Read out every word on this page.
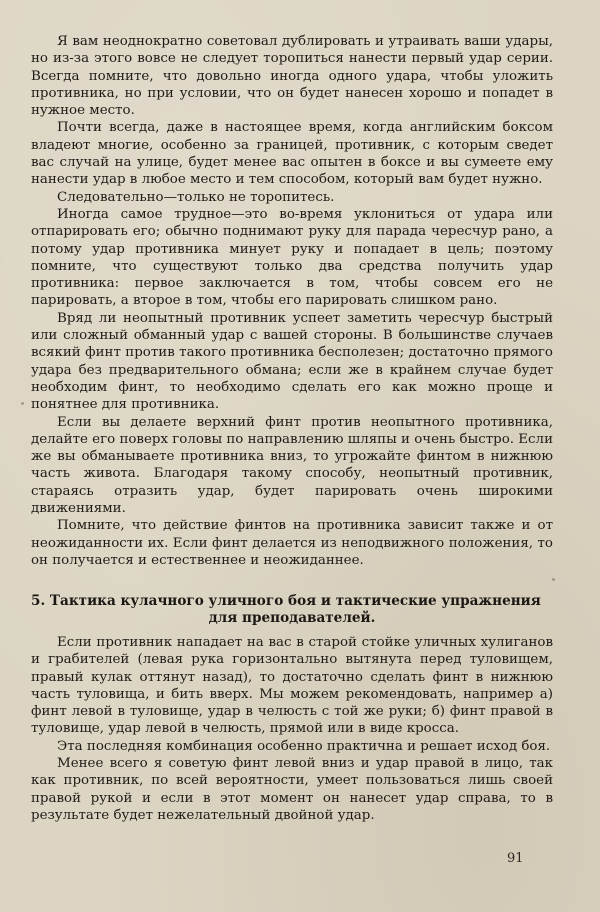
Я вам неоднократно советовал дублировать и утраивать ваши удары, но из-за этого вовсе не следует торопиться нанести первый удар серии. Всегда помните, что довольно иногда одного удара, чтобы уложить противника, но при условии, что он будет нанесен хорошо и попадет в нужное место.

Почти всегда, даже в настоящее время, когда английским боксом владеют многие, особенно за границей, противник, с которым сведет вас случай на улице, будет менее вас опытен в боксе и вы сумеете ему нанести удар в любое место и тем способом, который вам будет нужно.

Следовательно—только не торопитесь.

Иногда самое трудное—это во-время уклониться от удара или отпарировать его; обычно поднимают руку для парада чересчур рано, а потому удар противника минует руку и попадает в цель; поэтому помните, что существуют только два средства получить удар противника: первое заключается в том, чтобы совсем его не парировать, а второе в том, чтобы его парировать слишком рано.

Вряд ли неопытный противник успеет заметить чересчур быстрый или сложный обманный удар с вашей стороны. В большинстве случаев всякий финт против такого противника бесполезен; достаточно прямого удара без предварительного обмана; если же в крайнем случае будет необходим финт, то необходимо сделать его как можно проще и понятнее для противника.

Если вы делаете верхний финт против неопытного противника, делайте его поверх головы по направлению шляпы и очень быстро. Если же вы обманываете противника вниз, то угрожайте финтом в нижнюю часть живота. Благодаря такому способу, неопытный противник, стараясь отразить удар, будет парировать очень широкими движениями.

Помните, что действие финтов на противника зависит также и от неожиданности их. Если финт делается из неподвижного положения, то он получается и естественнее и неожиданнее.

5. Тактика кулачного уличного боя и тактические упражнения
для преподавателей.

Если противник нападает на вас в старой стойке уличных хулиганов и грабителей (левая рука горизонтально вытянута перед туловищем, правый кулак оттянут назад), то достаточно сделать финт в нижнюю часть туловища, и бить вверх. Мы можем рекомендовать, например а) финт левой в туловище, удар в челюсть с той же руки; б) финт правой в туловище, удар левой в челюсть, прямой или в виде кросса.

Эта последняя комбинация особенно практична и решает исход боя.

Менее всего я советую финт левой вниз и удар правой в лицо, так как противник, по всей вероятности, умеет пользоваться лишь своей правой рукой и если в этот момент он нанесет удар справа, то в результате будет нежелательный двойной удар.

91
